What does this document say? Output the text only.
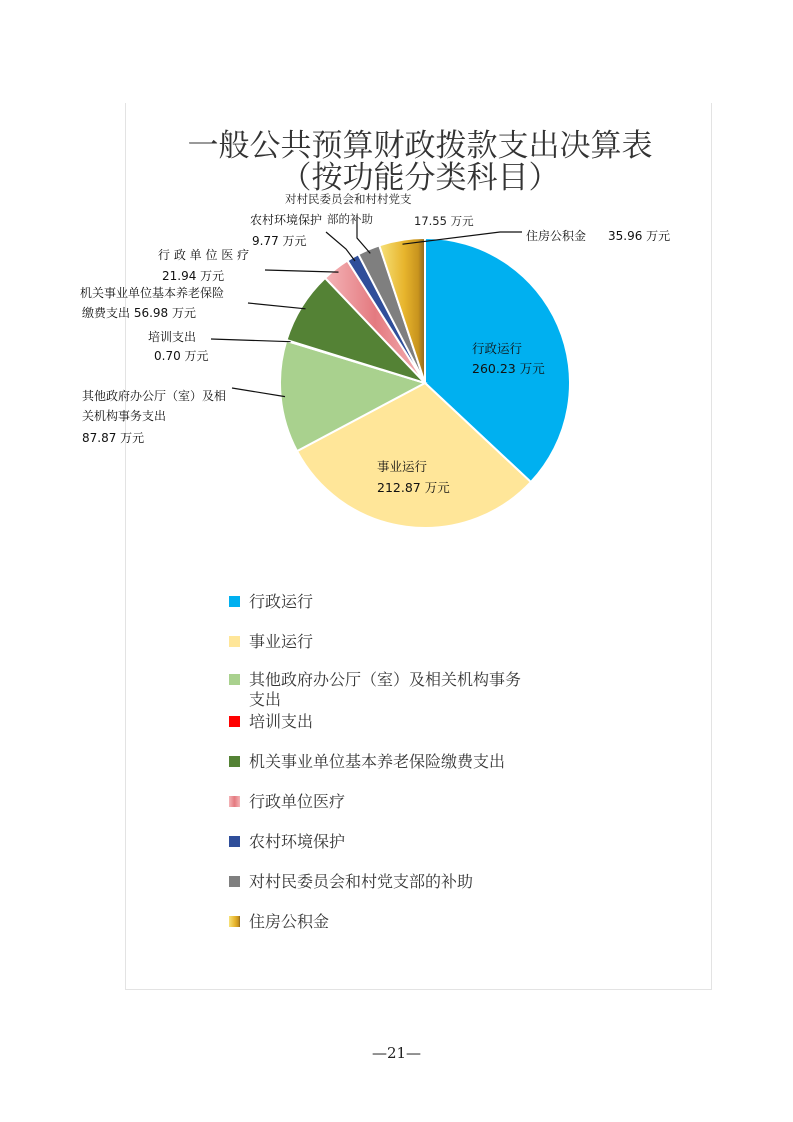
一般公共预算财政拨款支出决算表
（按功能分类科目）
行政运行 260.23 万元
事业运行 212.87 万元
其他政府办公厅（室）及相关机构事务支出 87.87 万元
培训支出 0.70 万元
机关事业单位基本养老保险缴费支出 56.98 万元
行 政 单 位 医 疗 21.94 万元
农村环境保护 9.77 万元
对村民委员会和村村党支部的补助	17.55 万元
住房公积金 35.96 万元
行政运行
事业运行
其他政府办公厅（室）及相关机构事务支出
培训支出
机关事业单位基本养老保险缴费支出
行政单位医疗
农村环境保护
对村民委员会和村党支部的补助
住房公积金
—21—
